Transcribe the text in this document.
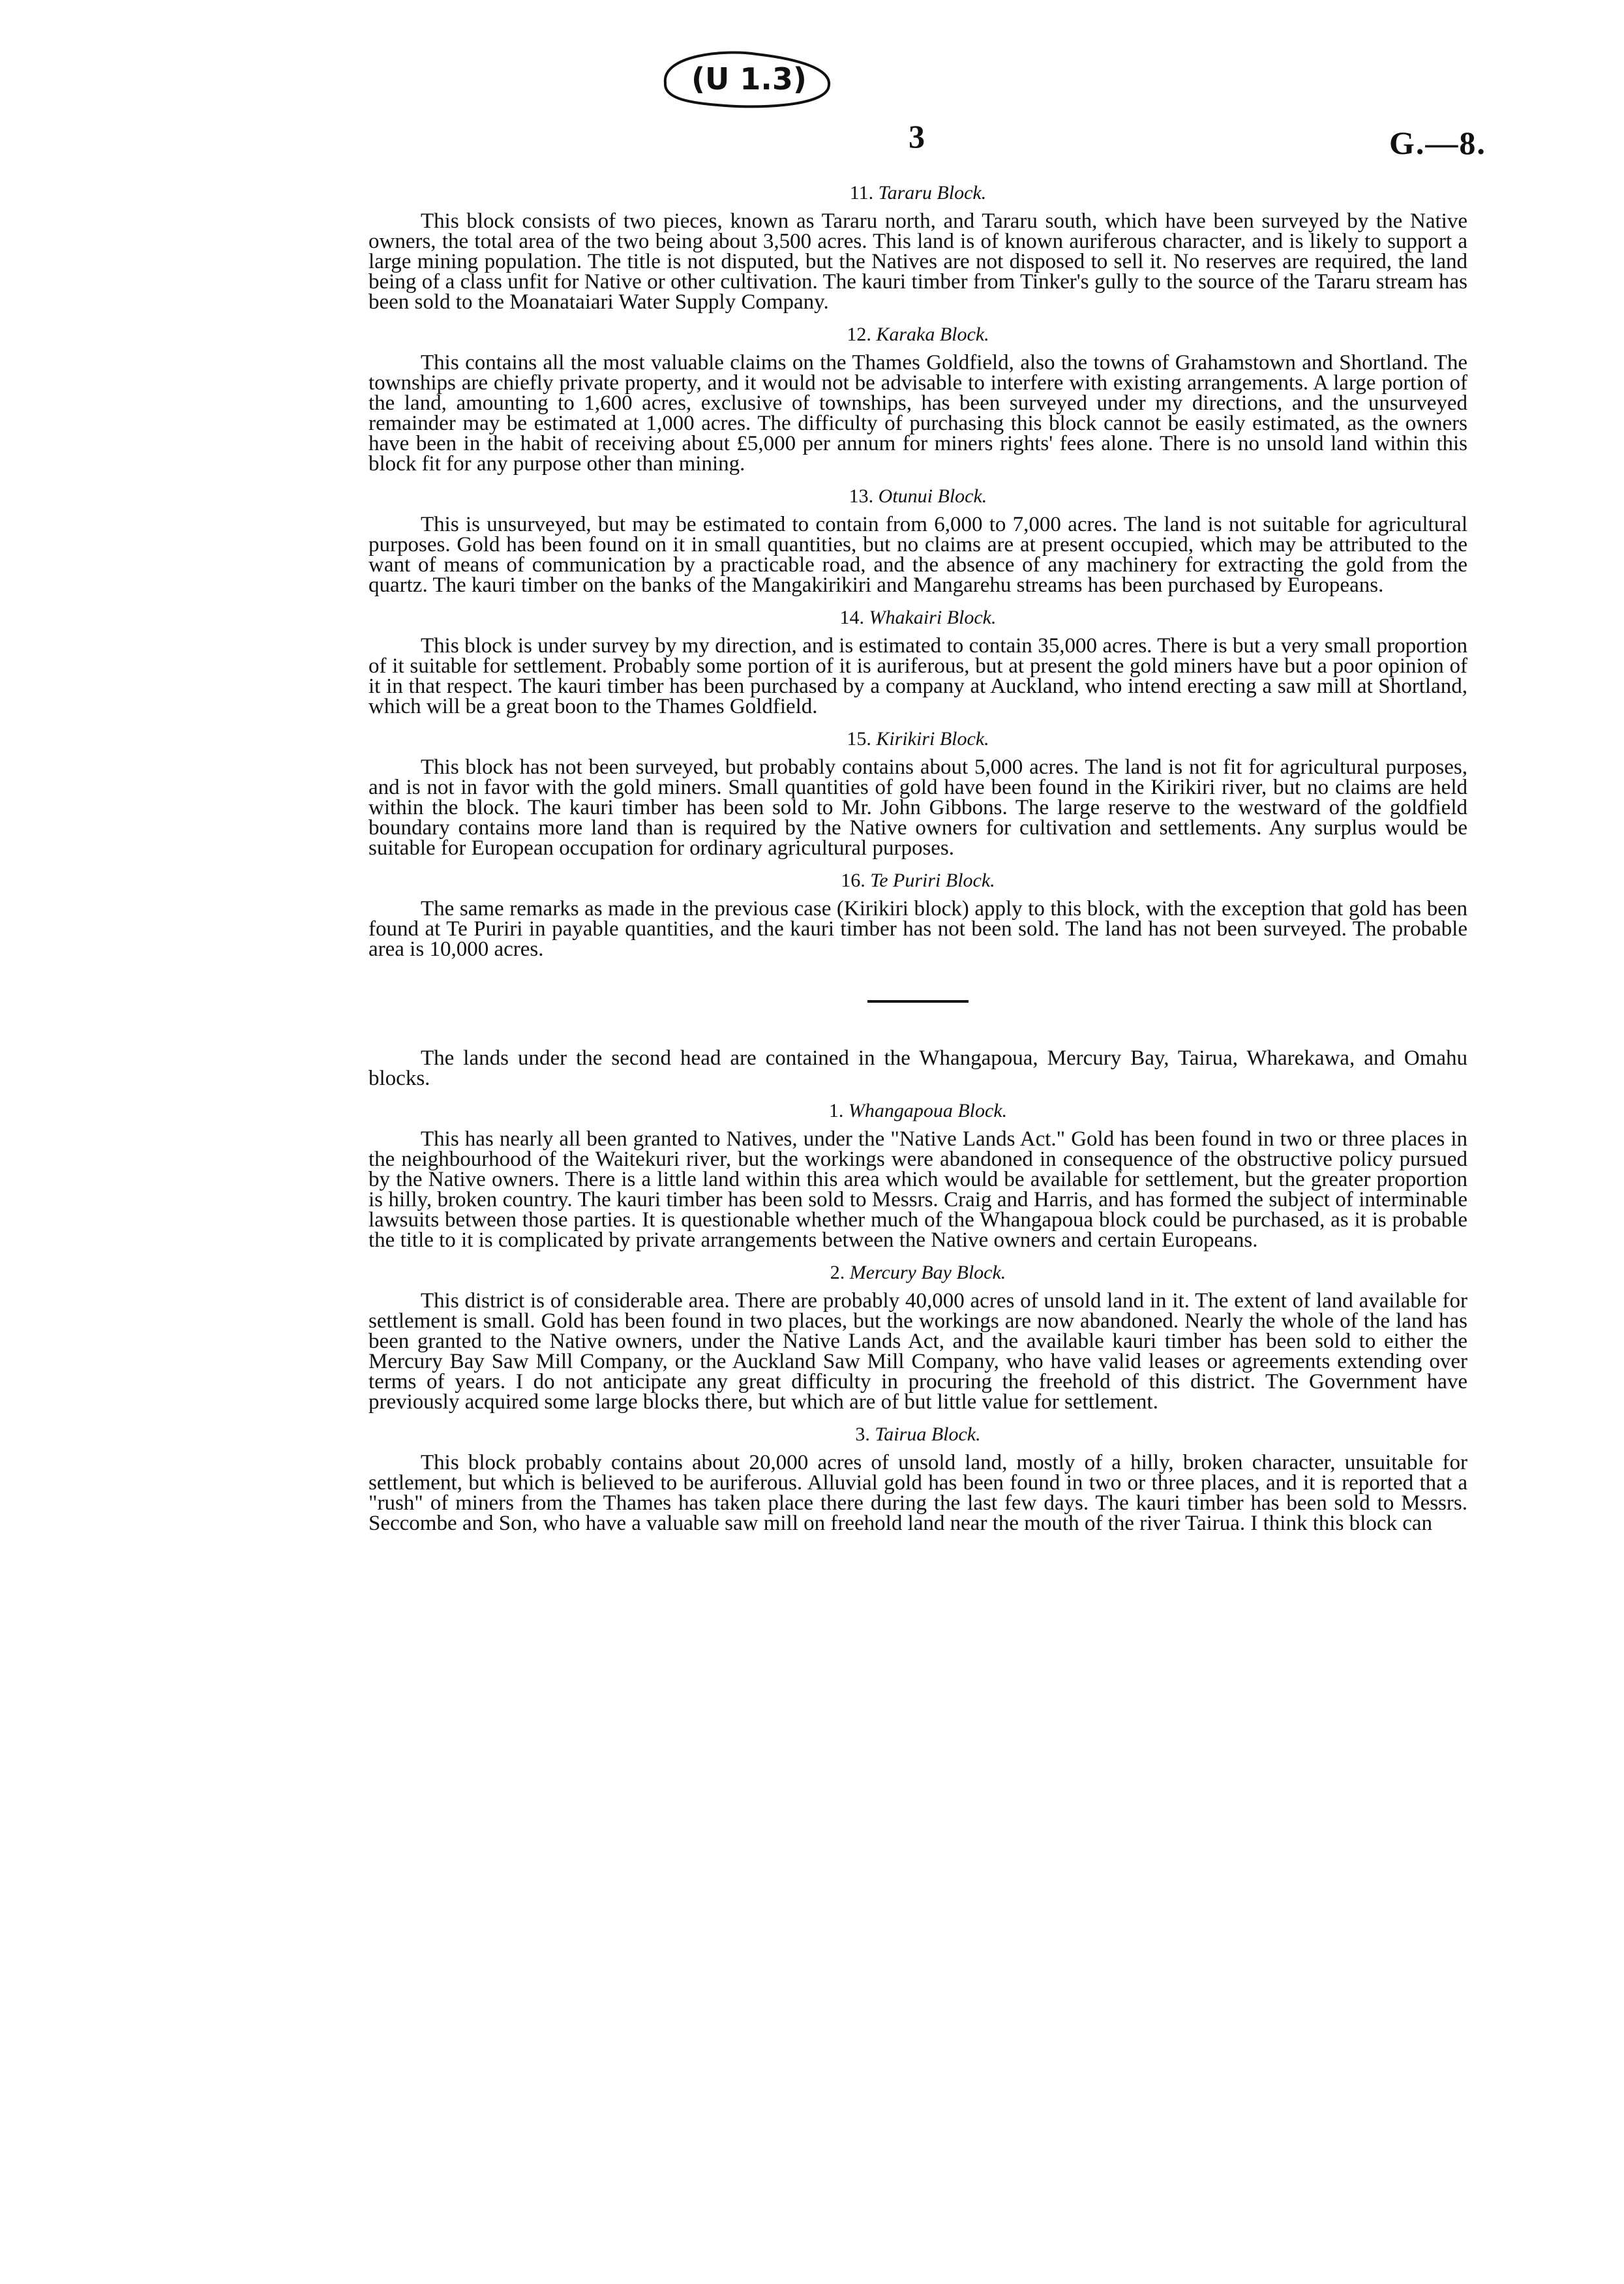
(U 1.3)
3	G.—8.
11. Tararu Block.

This block consists of two pieces, known as Tararu north, and Tararu south, which have been surveyed by the Native owners, the total area of the two being about 3,500 acres. This land is of known auriferous character, and is likely to support a large mining population. The title is not disputed, but the Natives are not disposed to sell it. No reserves are required, the land being of a class unfit for Native or other cultivation. The kauri timber from Tinker's gully to the source of the Tararu stream has been sold to the Moanataiari Water Supply Company.

12. Karaka Block.

This contains all the most valuable claims on the Thames Goldfield, also the towns of Grahamstown and Shortland. The townships are chiefly private property, and it would not be advisable to interfere with existing arrangements. A large portion of the land, amounting to 1,600 acres, exclusive of townships, has been surveyed under my directions, and the unsurveyed remainder may be estimated at 1,000 acres. The difficulty of purchasing this block cannot be easily estimated, as the owners have been in the habit of receiving about £5,000 per annum for miners rights' fees alone. There is no unsold land within this block fit for any purpose other than mining.

13. Otunui Block.

This is unsurveyed, but may be estimated to contain from 6,000 to 7,000 acres. The land is not suitable for agricultural purposes. Gold has been found on it in small quantities, but no claims are at present occupied, which may be attributed to the want of means of communication by a practicable road, and the absence of any machinery for extracting the gold from the quartz. The kauri timber on the banks of the Mangakirikiri and Mangarehu streams has been purchased by Europeans.

14. Whakairi Block.

This block is under survey by my direction, and is estimated to contain 35,000 acres. There is but a very small proportion of it suitable for settlement. Probably some portion of it is auriferous, but at present the gold miners have but a poor opinion of it in that respect. The kauri timber has been purchased by a company at Auckland, who intend erecting a saw mill at Shortland, which will be a great boon to the Thames Goldfield.

15. Kirikiri Block.

This block has not been surveyed, but probably contains about 5,000 acres. The land is not fit for agricultural purposes, and is not in favor with the gold miners. Small quantities of gold have been found in the Kirikiri river, but no claims are held within the block. The kauri timber has been sold to Mr. John Gibbons. The large reserve to the westward of the goldfield boundary contains more land than is required by the Native owners for cultivation and settlements. Any surplus would be suitable for European occupation for ordinary agricultural purposes.

16. Te Puriri Block.

The same remarks as made in the previous case (Kirikiri block) apply to this block, with the exception that gold has been found at Te Puriri in payable quantities, and the kauri timber has not been sold. The land has not been surveyed. The probable area is 10,000 acres.

The lands under the second head are contained in the Whangapoua, Mercury Bay, Tairua, Wharekawa, and Omahu blocks.

1. Whangapoua Block.

This has nearly all been granted to Natives, under the "Native Lands Act." Gold has been found in two or three places in the neighbourhood of the Waitekuri river, but the workings were abandoned in consequence of the obstructive policy pursued by the Native owners. There is a little land within this area which would be available for settlement, but the greater proportion is hilly, broken country. The kauri timber has been sold to Messrs. Craig and Harris, and has formed the subject of interminable lawsuits between those parties. It is questionable whether much of the Whangapoua block could be purchased, as it is probable the title to it is complicated by private arrangements between the Native owners and certain Europeans.

2. Mercury Bay Block.

This district is of considerable area. There are probably 40,000 acres of unsold land in it. The extent of land available for settlement is small. Gold has been found in two places, but the workings are now abandoned. Nearly the whole of the land has been granted to the Native owners, under the Native Lands Act, and the available kauri timber has been sold to either the Mercury Bay Saw Mill Company, or the Auckland Saw Mill Company, who have valid leases or agreements extending over terms of years. I do not anticipate any great difficulty in procuring the freehold of this district. The Government have previously acquired some large blocks there, but which are of but little value for settlement.

3. Tairua Block.

This block probably contains about 20,000 acres of unsold land, mostly of a hilly, broken character, unsuitable for settlement, but which is believed to be auriferous. Alluvial gold has been found in two or three places, and it is reported that a "rush" of miners from the Thames has taken place there during the last few days. The kauri timber has been sold to Messrs. Seccombe and Son, who have a valuable saw mill on freehold land near the mouth of the river Tairua. I think this block can
